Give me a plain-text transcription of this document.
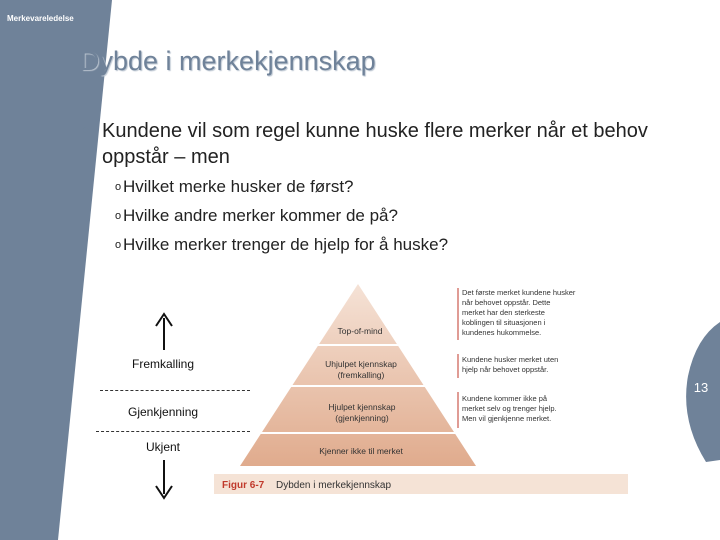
Merkevareledelse
Dybde i merkekjennskap
• Kundene vil som regel kunne huske flere merker når et behov oppstår – men
o Hvilket merke husker de først?
o Hvilke andre merker kommer de på?
o Hvilke merker trenger de hjelp for å huske?
Fremkalling
Gjenkjenning
Ukjent
Top-of-mind
Uhjulpet kjennskap
(fremkalling)
Hjulpet kjennskap
(gjenkjenning)
Kjenner ikke til merket
Det første merket kundene husker
når behovet oppstår. Dette
merket har den sterkeste
koblingen til situasjonen i
kundenes hukommelse.
Kundene husker merket uten
hjelp når behovet oppstår.
Kundene kommer ikke på
merket selv og trenger hjelp.
Men vil gjenkjenne merket.
Figur 6-7 Dybden i merkekjennskap
13
